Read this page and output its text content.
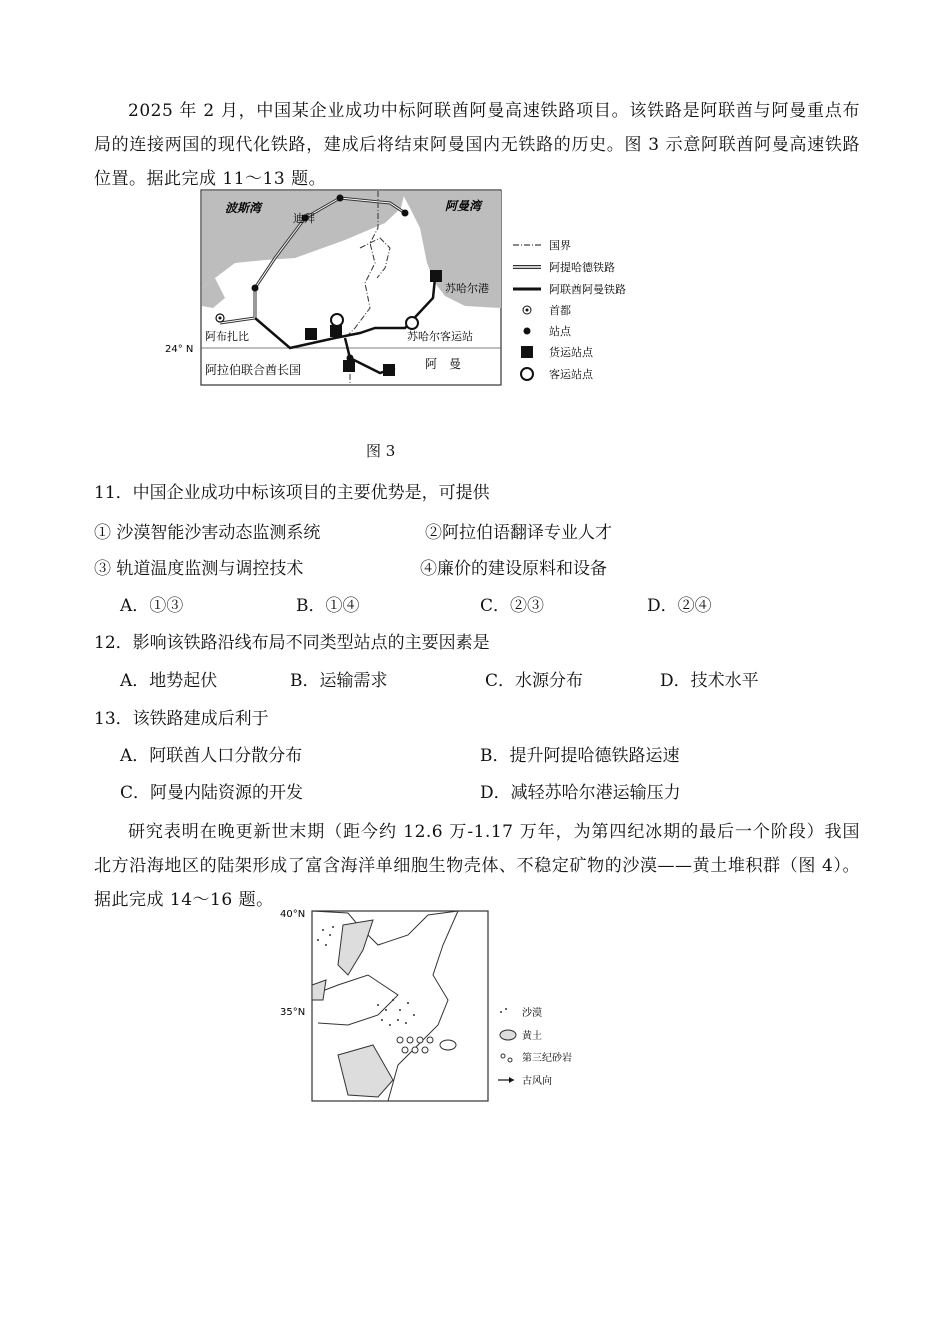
2025 年 2 月，中国某企业成功中标阿联酋阿曼高速铁路项目。该铁路是阿联酋与阿曼重点布局的连接两国的现代化铁路，建成后将结束阿曼国内无铁路的历史。图 3 示意阿联酋阿曼高速铁路位置。据此完成 11～13 题。
24° N
波斯湾	阿曼湾
迪拜
阿布扎比
苏哈尔港
苏哈尔客运站
阿拉伯联合酋长国	阿　曼
国界
阿提哈德铁路
阿联酋阿曼铁路
首都
站点
货运站点
客运站点
图 3
11．中国企业成功中标该项目的主要优势是，可提供
① 沙漠智能沙害动态监测系统	②阿拉伯语翻译专业人才
③ 轨道温度监测与调控技术	④廉价的建设原料和设备
A．①③	B．①④	C．②③	D．②④
12．影响该铁路沿线布局不同类型站点的主要因素是
A．地势起伏	B．运输需求	C．水源分布	D．技术水平
13．该铁路建成后利于
A．阿联酋人口分散分布	B．提升阿提哈德铁路运速
C．阿曼内陆资源的开发	D．减轻苏哈尔港运输压力
研究表明在晚更新世末期（距今约 12.6 万-1.17 万年，为第四纪冰期的最后一个阶段）我国北方沿海地区的陆架形成了富含海洋单细胞生物壳体、不稳定矿物的沙漠——黄土堆积群（图 4）。据此完成 14～16 题。
40°N
35°N	沙漠
黄土
第三纪砂岩
古风向
